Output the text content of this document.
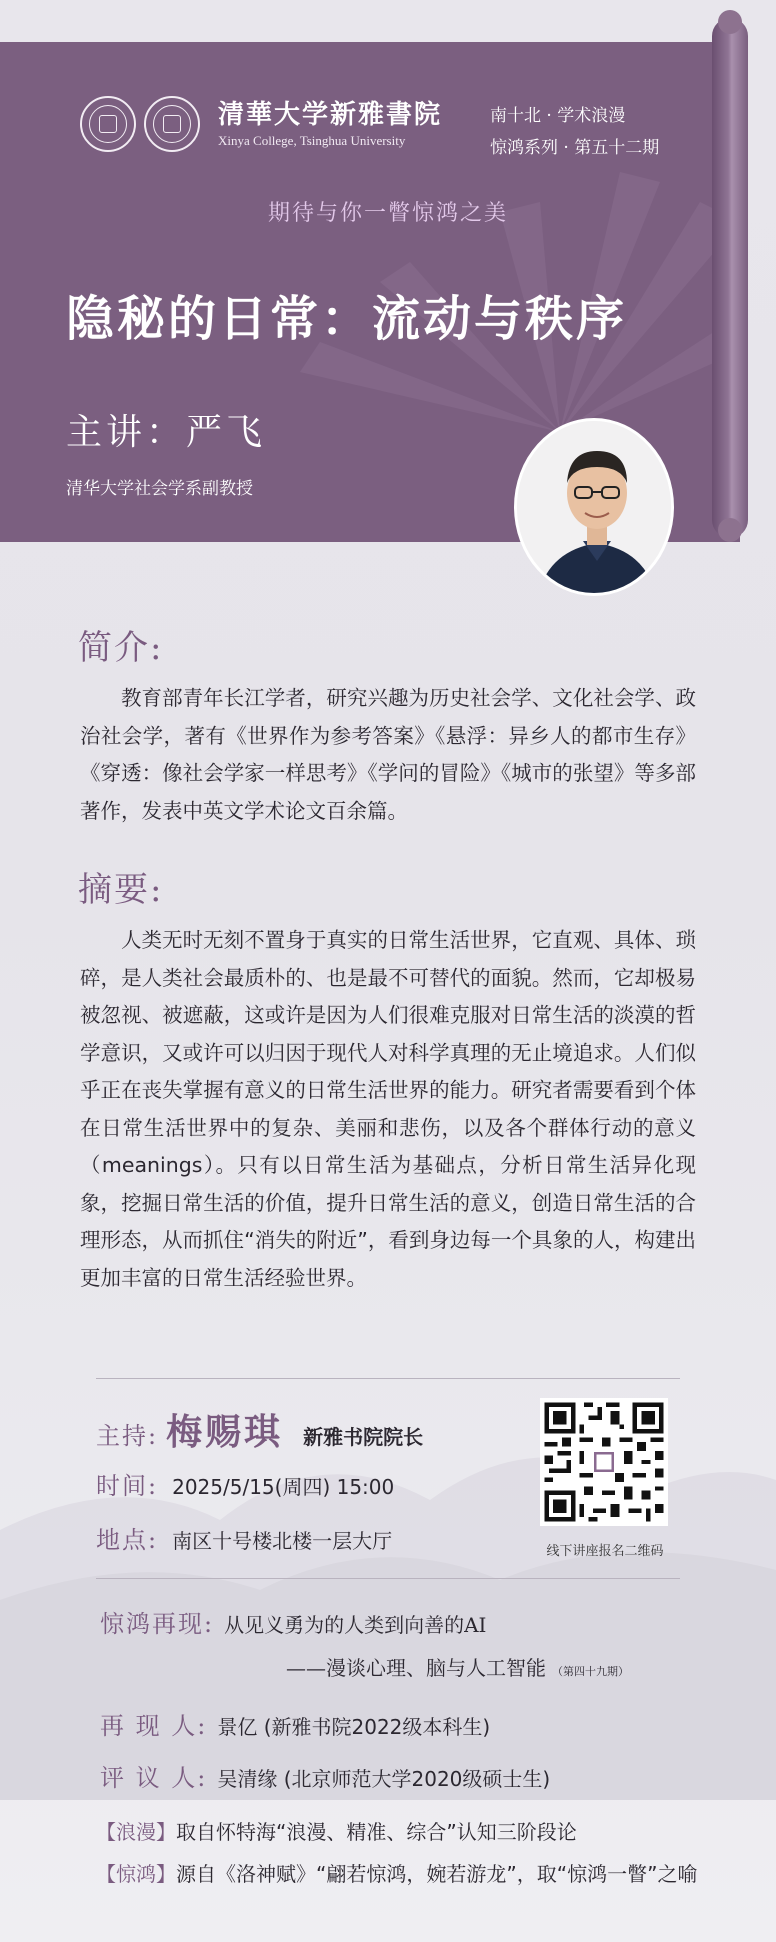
清華大学新雅書院
Xinya College, Tsinghua University
南十北 · 学术浪漫
惊鸿系列 · 第五十二期
期待与你一瞥惊鸿之美
隐秘的日常：流动与秩序
主讲：严飞
清华大学社会学系副教授
简介:

教育部青年长江学者，研究兴趣为历史社会学、文化社会学、政治社会学，著有《世界作为参考答案》《悬浮：异乡人的都市生存》《穿透：像社会学家一样思考》《学问的冒险》《城市的张望》等多部著作，发表中英文学术论文百余篇。

摘要:

人类无时无刻不置身于真实的日常生活世界，它直观、具体、琐碎，是人类社会最质朴的、也是最不可替代的面貌。然而，它却极易被忽视、被遮蔽，这或许是因为人们很难克服对日常生活的淡漠的哲学意识，又或许可以归因于现代人对科学真理的无止境追求。人们似乎正在丧失掌握有意义的日常生活世界的能力。研究者需要看到个体在日常生活世界中的复杂、美丽和悲伤，以及各个群体行动的意义 （meanings）。只有以日常生活为基础点，分析日常生活异化现象，挖掘日常生活的价值，提升日常生活的意义，创造日常生活的合理形态，从而抓住“消失的附近”，看到身边每一个具象的人，构建出更加丰富的日常生活经验世界。

主持: 梅赐琪 新雅书院院长
时间: 2025/5/15(周四) 15:00
地点: 南区十号楼北楼一层大厅	线下讲座报名二维码
惊鸿再现: 从见义勇为的人类到向善的AI
——漫谈心理、脑与人工智能 （第四十九期）
再 现 人: 景亿 (新雅书院2022级本科生)
评 议 人: 吴清缘 (北京师范大学2020级硕士生)
【浪漫】取自怀特海“浪漫、精准、综合”认知三阶段论
【惊鸿】源自《洛神赋》“翩若惊鸿，婉若游龙”，取“惊鸿一瞥”之喻
